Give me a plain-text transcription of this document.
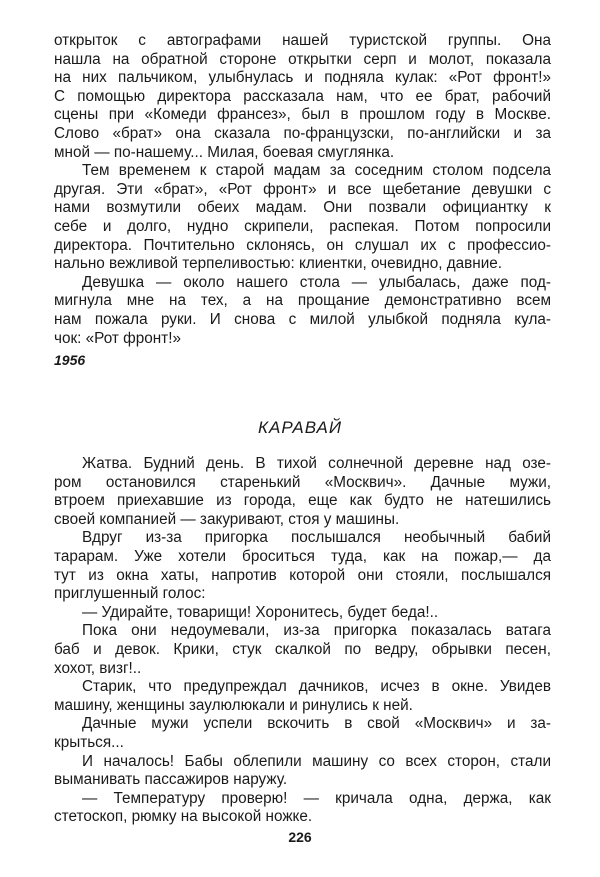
открыток с автографами нашей туристской группы. Она
нашла на обратной стороне открытки серп и молот, показала
на них пальчиком, улыбнулась и подняла кулак: «Рот фронт!»
С помощью директора рассказала нам, что ее брат, рабочий
сцены при «Комеди франсез», был в прошлом году в Москве.
Слово «брат» она сказала по-французски, по-английски и за
мной — по-нашему... Милая, боевая смуглянка.
Тем временем к старой мадам за соседним столом подсела
другая. Эти «брат», «Рот фронт» и все щебетание девушки с
нами возмутили обеих мадам. Они позвали официантку к
себе и долго, нудно скрипели, распекая. Потом попросили
директора. Почтительно склонясь, он слушал их с профессио-
нально вежливой терпеливостью: клиентки, очевидно, давние.
Девушка — около нашего стола — улыбалась, даже под-
мигнула мне на тех, а на прощание демонстративно всем
нам пожала руки. И снова с милой улыбкой подняла кула-
чок: «Рот фронт!»
1956
КАРАВАЙ
Жатва. Будний день. В тихой солнечной деревне над озе-
ром остановился старенький «Москвич». Дачные мужи,
втроем приехавшие из города, еще как будто не натешились
своей компанией — закуривают, стоя у машины.
Вдруг из-за пригорка послышался необычный бабий
тарарам. Уже хотели броситься туда, как на пожар,— да
тут из окна хаты, напротив которой они стояли, послышался
приглушенный голос:
— Удирайте, товарищи! Хоронитесь, будет беда!..
Пока они недоумевали, из-за пригорка показалась ватага
баб и девок. Крики, стук скалкой по ведру, обрывки песен,
хохот, визг!..
Старик, что предупреждал дачников, исчез в окне. Увидев
машину, женщины заулюлюкали и ринулись к ней.
Дачные мужи успели вскочить в свой «Москвич» и за-
крыться...
И началось! Бабы облепили машину со всех сторон, стали
выманивать пассажиров наружу.
— Температуру проверю! — кричала одна, держа, как
стетоскоп, рюмку на высокой ножке.
226
